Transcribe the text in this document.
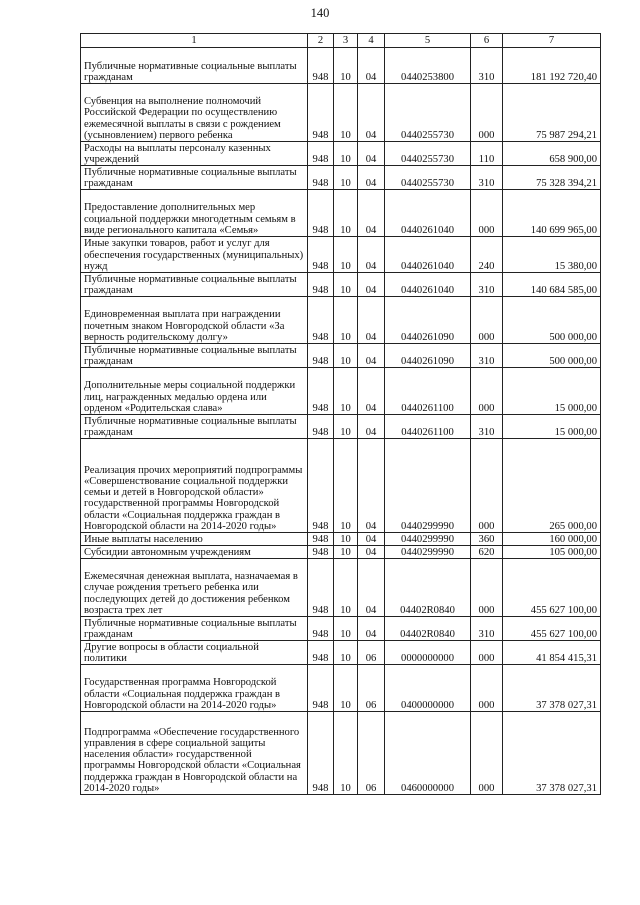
140
1	2	3	4	5	6	7
Публичные нормативные социальные выплаты гражданам	948	10	04	0440253800	310	181 192 720,40
Субвенция на выполнение полномочий Российской Федерации по осуществлению ежемесячной выплаты в связи с рождением (усыновлением) первого ребенка	948	10	04	0440255730	000	75 987 294,21
Расходы на выплаты персоналу казенных учреждений	948	10	04	0440255730	110	658 900,00
Публичные нормативные социальные выплаты гражданам	948	10	04	0440255730	310	75 328 394,21
Предоставление дополнительных мер социальной поддержки многодетным семьям в виде регионального капитала «Семья»	948	10	04	0440261040	000	140 699 965,00
Иные закупки товаров, работ и услуг для обеспечения государственных (муниципальных) нужд	948	10	04	0440261040	240	15 380,00
Публичные нормативные социальные выплаты гражданам	948	10	04	0440261040	310	140 684 585,00
Единовременная выплата при награждении почетным знаком Новгородской области «За верность родительскому долгу»	948	10	04	0440261090	000	500 000,00
Публичные нормативные социальные выплаты гражданам	948	10	04	0440261090	310	500 000,00
Дополнительные меры социальной поддержки лиц, награжденных медалью ордена или орденом «Родительская слава»	948	10	04	0440261100	000	15 000,00
Публичные нормативные социальные выплаты гражданам	948	10	04	0440261100	310	15 000,00
Реализация прочих мероприятий подпрограммы «Совершенствование социальной поддержки семьи и детей в Новгородской области» государственной программы Новгородской области «Социальная поддержка граждан в Новгородской области на 2014-2020 годы»	948	10	04	0440299990	000	265 000,00
Иные выплаты населению	948	10	04	0440299990	360	160 000,00
Субсидии автономным учреждениям	948	10	04	0440299990	620	105 000,00
Ежемесячная денежная выплата, назначаемая в случае рождения третьего ребенка или последующих детей до достижения ребенком возраста трех лет	948	10	04	04402R0840	000	455 627 100,00
Публичные нормативные социальные выплаты гражданам	948	10	04	04402R0840	310	455 627 100,00
Другие вопросы в области социальной политики	948	10	06	0000000000	000	41 854 415,31
Государственная программа Новгородской области «Социальная поддержка граждан в Новгородской области на 2014-2020 годы»	948	10	06	0400000000	000	37 378 027,31
Подпрограмма «Обеспечение государственного управления в сфере социальной защиты населения области» государственной программы Новгородской области «Социальная поддержка граждан в Новгородской области на 2014-2020 годы»	948	10	06	0460000000	000	37 378 027,31
